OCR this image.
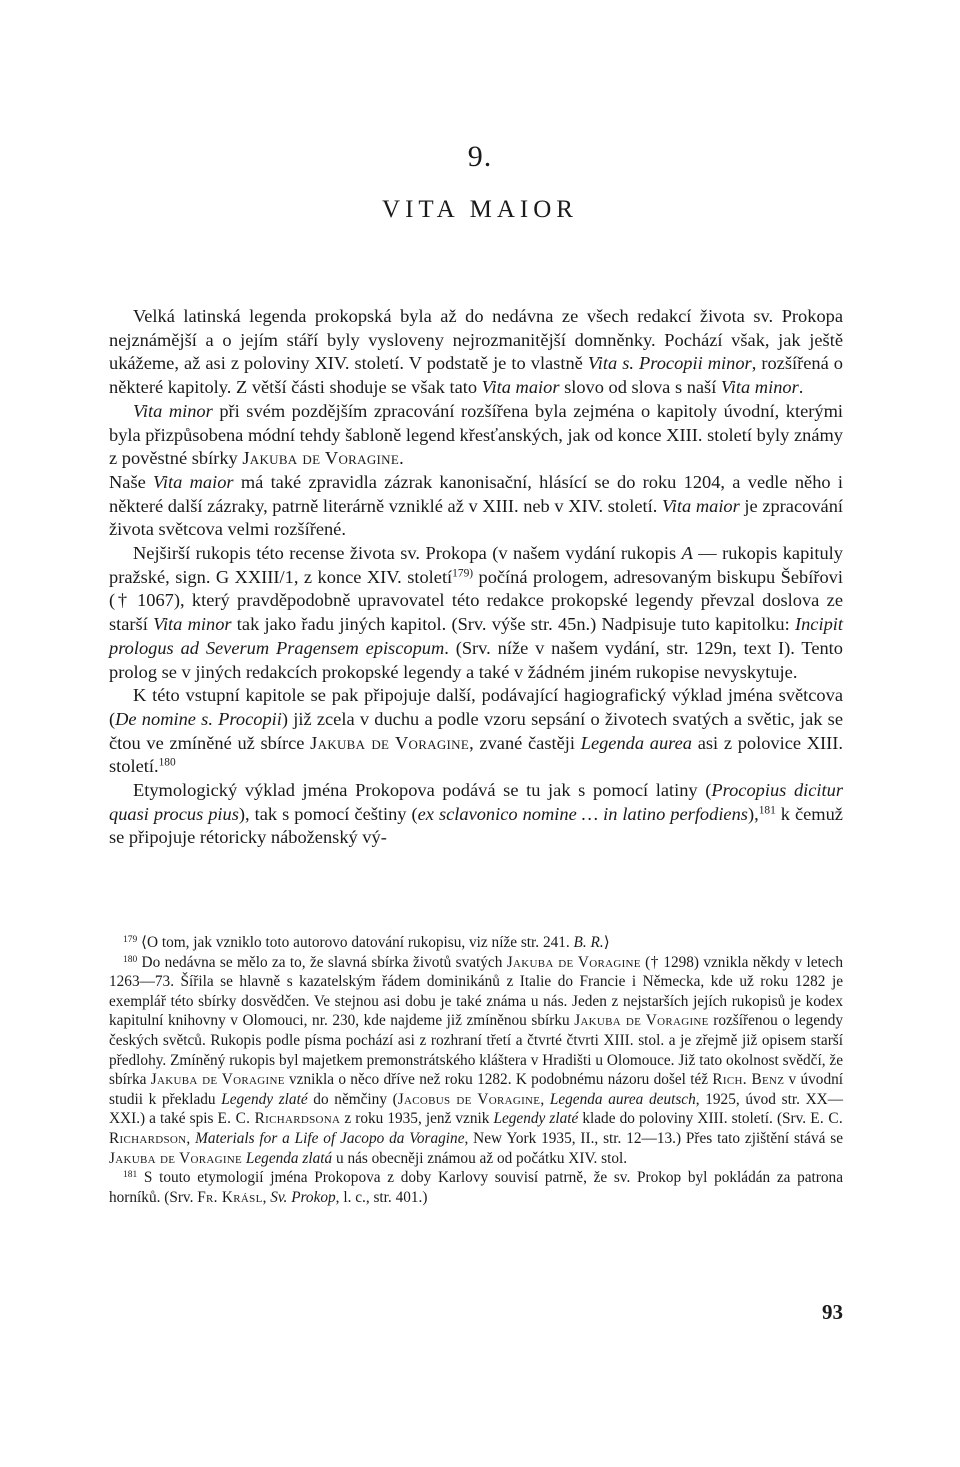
9.
VITA MAIOR

Velká latinská legenda prokopská byla až do nedávna ze všech redakcí života sv. Prokopa nejznámější a o jejím stáří byly vysloveny nejrozmanitější domněnky. Pochází však, jak ještě ukážeme, až asi z poloviny XIV. století. V podstatě je to vlastně Vita s. Procopii minor, rozšířená o některé kapitoly. Z větší části shoduje se však tato Vita maior slovo od slova s naší Vita minor.

Vita minor při svém pozdějším zpracování rozšířena byla zejména o kapitoly úvodní, kterými byla přizpůsobena módní tehdy šabloně legend křesťanských, jak od konce XIII. století byly známy z pověstné sbírky Jakuba de Voragine.

Naše Vita maior má také zpravidla zázrak kanonisační, hlásící se do roku 1204, a vedle něho i některé další zázraky, patrně literárně vzniklé až v XIII. neb v XIV. století. Vita maior je zpracování života světcova velmi rozšířené.

Nejširší rukopis této recense života sv. Prokopa (v našem vydání rukopis A — rukopis kapituly pražské, sign. G XXIII/1, z konce XIV. století$^{179)}$ počíná prologem, adresovaným biskupu Šebířovi († 1067), který pravděpodobně upravovatel této redakce prokopské legendy převzal doslova ze starší Vita minor tak jako řadu jiných kapitol. (Srv. výše str. 45n.) Nadpisuje tuto kapitolku: Incipit prologus ad Severum Pragensem episcopum. (Srv. níže v našem vydání, str. 129n, text I). Tento prolog se v jiných redakcích prokopské legendy a také v žádném jiném rukopise nevyskytuje.

K této vstupní kapitole se pak připojuje další, podávající hagiografický výklad jména světcova (De nomine s. Procopii) již zcela v duchu a podle vzoru sepsání o životech svatých a světic, jak se čtou ve zmíněné už sbírce Jakuba de Voragine, zvané častěji Legenda aurea asi z polovice XIII. století.$^{180}$

Etymologický výklad jména Prokopova podává se tu jak s pomocí latiny (Procopius dicitur quasi procus pius), tak s pomocí češtiny (ex sclavonico nomine … in latino perfodiens),$^{181}$ k čemuž se připojuje rétoricky náboženský vý-

$^{179}$ ⟨O tom, jak vzniklo toto autorovo datování rukopisu, viz níže str. 241. B. R.⟩

$^{180}$ Do nedávna se mělo za to, že slavná sbírka životů svatých Jakuba de Voragine († 1298) vznikla někdy v letech 1263—73. Šířila se hlavně s kazatelským řádem dominikánů z Italie do Francie i Německa, kde už roku 1282 je exemplář této sbírky dosvědčen. Ve stejnou asi dobu je také známa u nás. Jeden z nejstarších jejích rukopisů je kodex kapitulní knihovny v Olomouci, nr. 230, kde najdeme již zmíněnou sbírku Jakuba de Voragine rozšířenou o legendy českých světců. Rukopis podle písma pochází asi z rozhraní třetí a čtvrté čtvrti XIII. stol. a je zřejmě již opisem starší předlohy. Zmíněný rukopis byl majetkem premonstrátského kláštera v Hradišti u Olomouce. Již tato okolnost svědčí, že sbírka Jakuba de Voragine vznikla o něco dříve než roku 1282. K podobnému názoru došel též Rich. Benz v úvodní studii k překladu Legendy zlaté do němčiny (Jacobus de Voragine, Legenda aurea deutsch, 1925, úvod str. XX—XXI.) a také spis E. C. Richardsona z roku 1935, jenž vznik Legendy zlaté klade do poloviny XIII. století. (Srv. E. C. Richardson, Materials for a Life of Jacopo da Voragine, New York 1935, II., str. 12—13.) Přes tato zjištění stává se Jakuba de Voragine Legenda zlatá u nás obecněji známou až od počátku XIV. stol.

$^{181}$ S touto etymologií jména Prokopova z doby Karlovy souvisí patrně, že sv. Prokop byl pokládán za patrona horníků. (Srv. Fr. Krásl, Sv. Prokop, l. c., str. 401.)

93
